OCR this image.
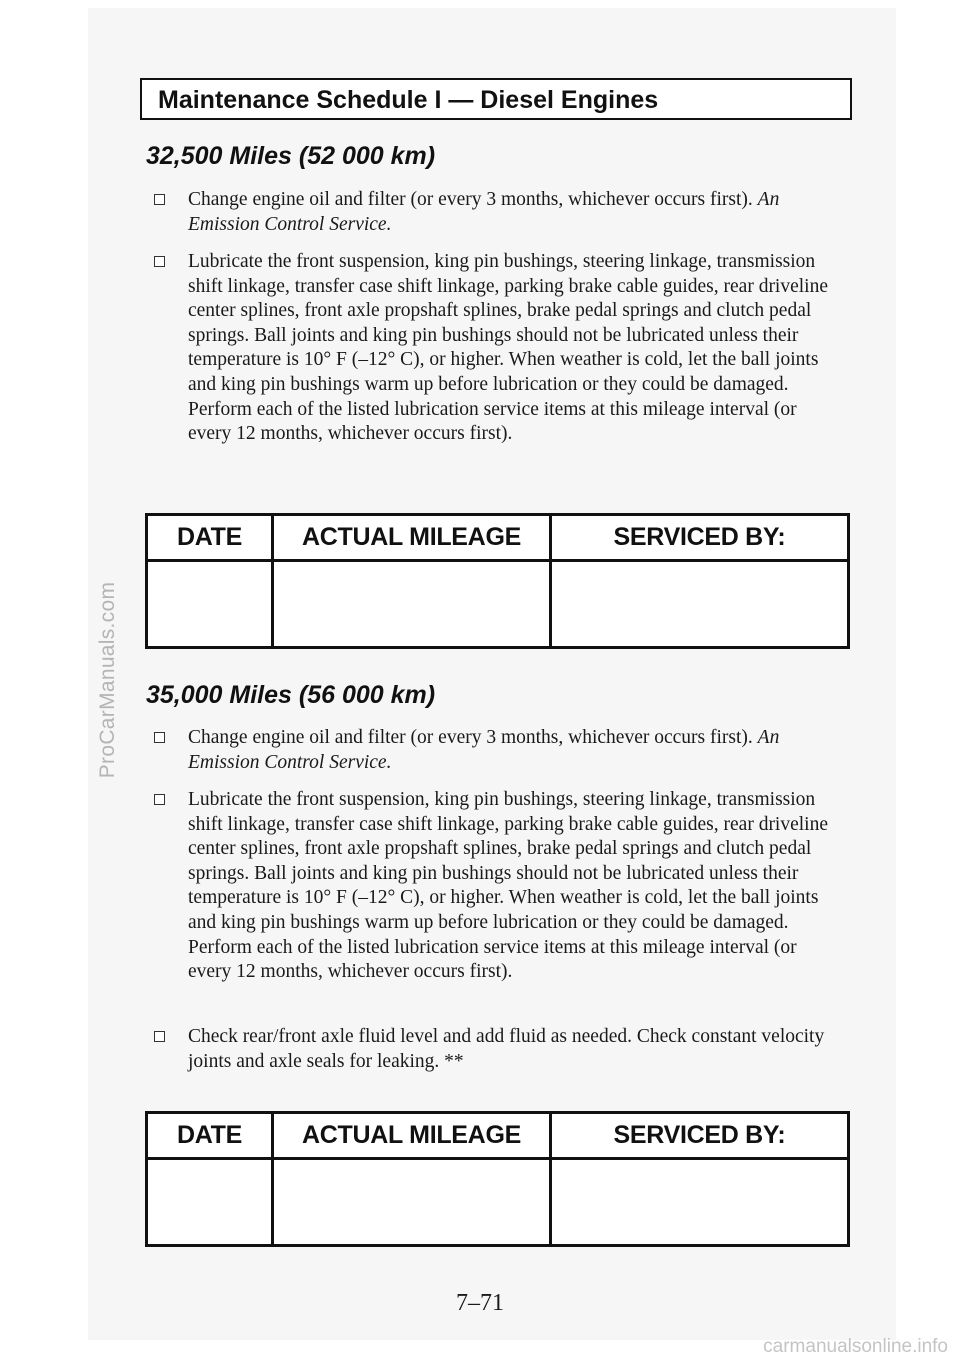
ProCarManuals.com
Maintenance Schedule I — Diesel Engines
32,500 Miles (52 000 km)
Change engine oil and filter (or every 3 months, whichever occurs first). An Emission Control Service.
Lubricate the front suspension, king pin bushings, steering linkage, transmission shift linkage, transfer case shift linkage, parking brake cable guides, rear driveline center splines, front axle propshaft splines, brake pedal springs and clutch pedal springs. Ball joints and king pin bushings should not be lubricated unless their temperature is 10° F (–12° C), or higher. When weather is cold, let the ball joints and king pin bushings warm up before lubrication or they could be damaged. Perform each of the listed lubrication service items at this mileage interval (or every 12 months, whichever occurs first).
DATE	ACTUAL MILEAGE	SERVICED BY:

35,000 Miles (56 000 km)
Change engine oil and filter (or every 3 months, whichever occurs first). An Emission Control Service.
Lubricate the front suspension, king pin bushings, steering linkage, transmission shift linkage, transfer case shift linkage, parking brake cable guides, rear driveline center splines, front axle propshaft splines, brake pedal springs and clutch pedal springs. Ball joints and king pin bushings should not be lubricated unless their temperature is 10° F (–12° C), or higher. When weather is cold, let the ball joints and king pin bushings warm up before lubrication or they could be damaged. Perform each of the listed lubrication service items at this mileage interval (or every 12 months, whichever occurs first).
Check rear/front axle fluid level and add fluid as needed. Check constant velocity joints and axle seals for leaking. **
DATE	ACTUAL MILEAGE	SERVICED BY:

7–71
carmanualsonline.info
